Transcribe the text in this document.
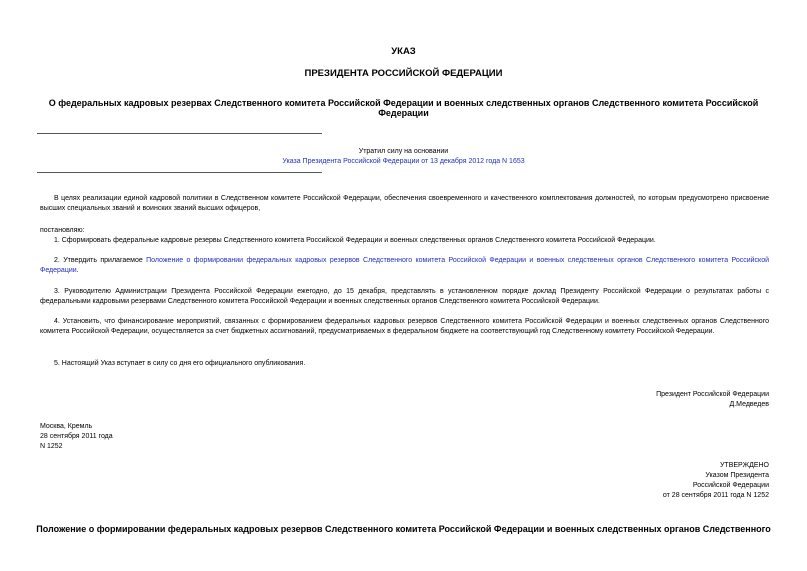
УКАЗ
ПРЕЗИДЕНТА РОССИЙСКОЙ ФЕДЕРАЦИИ
О федеральных кадровых резервах Следственного комитета Российской Федерации и военных следственных органов Следственного комитета Российской
Федерации
Утратил силу на основании
Указа Президента Российской Федерации от 13 декабря 2012 года N 1653
В целях реализации единой кадровой политики в Следственном комитете Российской Федерации, обеспечения своевременного и качественного комплектования должностей, по которым предусмотрено присвоение высших специальных званий и воинских званий высших офицеров,
постановляю:
1. Сформировать федеральные кадровые резервы Следственного комитета Российской Федерации и военных следственных органов Следственного комитета Российской Федерации.
2. Утвердить прилагаемое Положение о формировании федеральных кадровых резервов Следственного комитета Российской Федерации и военных следственных органов Следственного комитета Российской Федерации.
3. Руководителю Администрации Президента Российской Федерации ежегодно, до 15 декабря, представлять в установленном порядке доклад Президенту Российской Федерации о результатах работы с федеральными кадровыми резервами Следственного комитета Российской Федерации и военных следственных органов Следственного комитета Российской Федерации.
4. Установить, что финансирование мероприятий, связанных с формированием федеральных кадровых резервов Следственного комитета Российской Федерации и военных следственных органов Следственного комитета Российской Федерации, осуществляется за счет бюджетных ассигнований, предусматриваемых в федеральном бюджете на соответствующий год Следственному комитету Российской Федерации.
5. Настоящий Указ вступает в силу со дня его официального опубликования.
Президент Российской Федерации
Д.Медведев
Москва, Кремль
28 сентября 2011 года
N 1252
УТВЕРЖДЕНО
Указом Президента
Российской Федерации
от 28 сентября 2011 года N 1252
Положение о формировании федеральных кадровых резервов Следственного комитета Российской Федерации и военных следственных органов Следственного
